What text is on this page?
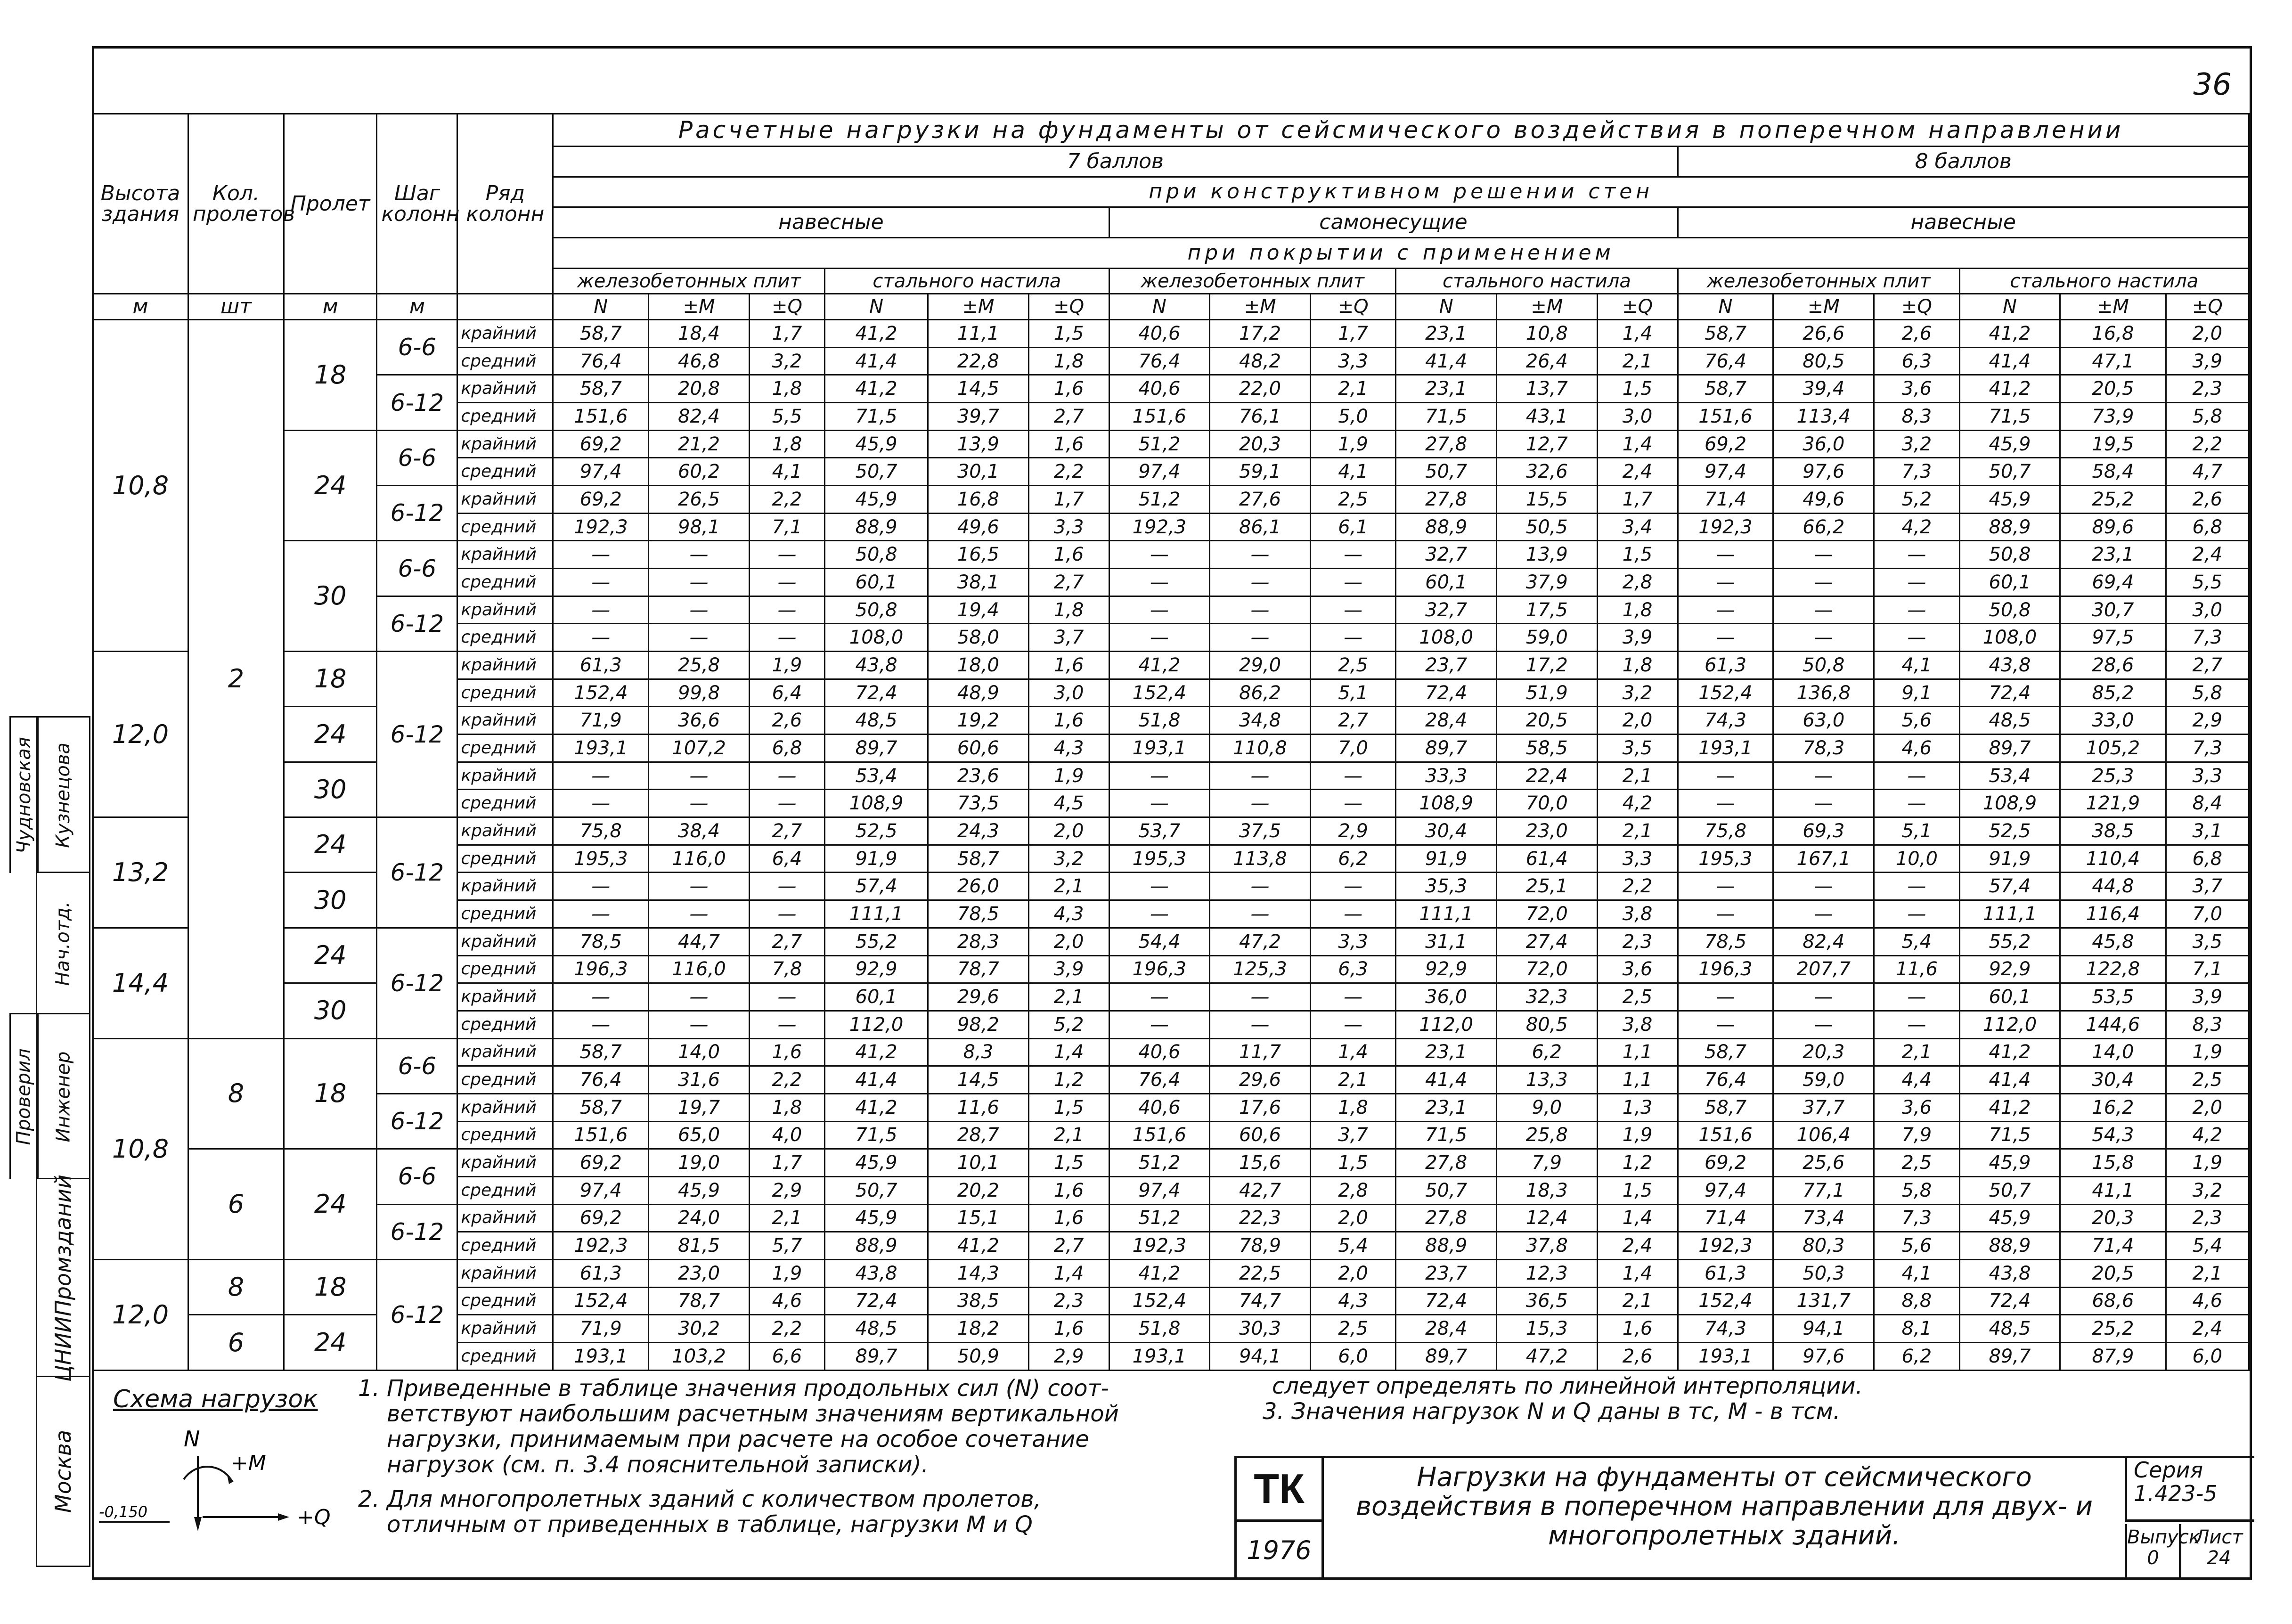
36
Кузнецова
Чудновская
Нач.отд.
Инженер
Проверил
ЦНИИПромзданий
Москва
Высота здания	Кол. пролетов	Пролет	Шаг колонн	Ряд колонн	Расчетные нагрузки на фундаменты от сейсмического воздействия в поперечном направлении																	
					7 баллов												8 баллов					
					при конструктивном решении стен																	
					навесные						самонесущие						навесные					
					при покрытии с применением																	
					железобетонных плит			стального настила			железобетонных плит			стального настила			железобетонных плит			стального настила		
м	шт	м	м		N	±M	±Q	N	±M	±Q	N	±M	±Q	N	±M	±Q	N	±M	±Q	N	±M	±Q
10,8	2	18	6-6	крайний	58,7	18,4	1,7	41,2	11,1	1,5	40,6	17,2	1,7	23,1	10,8	1,4	58,7	26,6	2,6	41,2	16,8	2,0
				средний	76,4	46,8	3,2	41,4	22,8	1,8	76,4	48,2	3,3	41,4	26,4	2,1	76,4	80,5	6,3	41,4	47,1	3,9
			6-12	крайний	58,7	20,8	1,8	41,2	14,5	1,6	40,6	22,0	2,1	23,1	13,7	1,5	58,7	39,4	3,6	41,2	20,5	2,3
				средний	151,6	82,4	5,5	71,5	39,7	2,7	151,6	76,1	5,0	71,5	43,1	3,0	151,6	113,4	8,3	71,5	73,9	5,8
		24	6-6	крайний	69,2	21,2	1,8	45,9	13,9	1,6	51,2	20,3	1,9	27,8	12,7	1,4	69,2	36,0	3,2	45,9	19,5	2,2
				средний	97,4	60,2	4,1	50,7	30,1	2,2	97,4	59,1	4,1	50,7	32,6	2,4	97,4	97,6	7,3	50,7	58,4	4,7
			6-12	крайний	69,2	26,5	2,2	45,9	16,8	1,7	51,2	27,6	2,5	27,8	15,5	1,7	71,4	49,6	5,2	45,9	25,2	2,6
				средний	192,3	98,1	7,1	88,9	49,6	3,3	192,3	86,1	6,1	88,9	50,5	3,4	192,3	66,2	4,2	88,9	89,6	6,8
		30	6-6	крайний	—	—	—	50,8	16,5	1,6	—	—	—	32,7	13,9	1,5	—	—	—	50,8	23,1	2,4
				средний	—	—	—	60,1	38,1	2,7	—	—	—	60,1	37,9	2,8	—	—	—	60,1	69,4	5,5
			6-12	крайний	—	—	—	50,8	19,4	1,8	—	—	—	32,7	17,5	1,8	—	—	—	50,8	30,7	3,0
				средний	—	—	—	108,0	58,0	3,7	—	—	—	108,0	59,0	3,9	—	—	—	108,0	97,5	7,3
12,0		18	6-12	крайний	61,3	25,8	1,9	43,8	18,0	1,6	41,2	29,0	2,5	23,7	17,2	1,8	61,3	50,8	4,1	43,8	28,6	2,7
				средний	152,4	99,8	6,4	72,4	48,9	3,0	152,4	86,2	5,1	72,4	51,9	3,2	152,4	136,8	9,1	72,4	85,2	5,8
		24		крайний	71,9	36,6	2,6	48,5	19,2	1,6	51,8	34,8	2,7	28,4	20,5	2,0	74,3	63,0	5,6	48,5	33,0	2,9
				средний	193,1	107,2	6,8	89,7	60,6	4,3	193,1	110,8	7,0	89,7	58,5	3,5	193,1	78,3	4,6	89,7	105,2	7,3
		30		крайний	—	—	—	53,4	23,6	1,9	—	—	—	33,3	22,4	2,1	—	—	—	53,4	25,3	3,3
				средний	—	—	—	108,9	73,5	4,5	—	—	—	108,9	70,0	4,2	—	—	—	108,9	121,9	8,4
13,2		24	6-12	крайний	75,8	38,4	2,7	52,5	24,3	2,0	53,7	37,5	2,9	30,4	23,0	2,1	75,8	69,3	5,1	52,5	38,5	3,1
				средний	195,3	116,0	6,4	91,9	58,7	3,2	195,3	113,8	6,2	91,9	61,4	3,3	195,3	167,1	10,0	91,9	110,4	6,8
		30		крайний	—	—	—	57,4	26,0	2,1	—	—	—	35,3	25,1	2,2	—	—	—	57,4	44,8	3,7
				средний	—	—	—	111,1	78,5	4,3	—	—	—	111,1	72,0	3,8	—	—	—	111,1	116,4	7,0
14,4		24	6-12	крайний	78,5	44,7	2,7	55,2	28,3	2,0	54,4	47,2	3,3	31,1	27,4	2,3	78,5	82,4	5,4	55,2	45,8	3,5
				средний	196,3	116,0	7,8	92,9	78,7	3,9	196,3	125,3	6,3	92,9	72,0	3,6	196,3	207,7	11,6	92,9	122,8	7,1
		30		крайний	—	—	—	60,1	29,6	2,1	—	—	—	36,0	32,3	2,5	—	—	—	60,1	53,5	3,9
				средний	—	—	—	112,0	98,2	5,2	—	—	—	112,0	80,5	3,8	—	—	—	112,0	144,6	8,3
10,8	8	18	6-6	крайний	58,7	14,0	1,6	41,2	8,3	1,4	40,6	11,7	1,4	23,1	6,2	1,1	58,7	20,3	2,1	41,2	14,0	1,9
				средний	76,4	31,6	2,2	41,4	14,5	1,2	76,4	29,6	2,1	41,4	13,3	1,1	76,4	59,0	4,4	41,4	30,4	2,5
			6-12	крайний	58,7	19,7	1,8	41,2	11,6	1,5	40,6	17,6	1,8	23,1	9,0	1,3	58,7	37,7	3,6	41,2	16,2	2,0
				средний	151,6	65,0	4,0	71,5	28,7	2,1	151,6	60,6	3,7	71,5	25,8	1,9	151,6	106,4	7,9	71,5	54,3	4,2
	6	24	6-6	крайний	69,2	19,0	1,7	45,9	10,1	1,5	51,2	15,6	1,5	27,8	7,9	1,2	69,2	25,6	2,5	45,9	15,8	1,9
				средний	97,4	45,9	2,9	50,7	20,2	1,6	97,4	42,7	2,8	50,7	18,3	1,5	97,4	77,1	5,8	50,7	41,1	3,2
			6-12	крайний	69,2	24,0	2,1	45,9	15,1	1,6	51,2	22,3	2,0	27,8	12,4	1,4	71,4	73,4	7,3	45,9	20,3	2,3
				средний	192,3	81,5	5,7	88,9	41,2	2,7	192,3	78,9	5,4	88,9	37,8	2,4	192,3	80,3	5,6	88,9	71,4	5,4
12,0	8	18	6-12	крайний	61,3	23,0	1,9	43,8	14,3	1,4	41,2	22,5	2,0	23,7	12,3	1,4	61,3	50,3	4,1	43,8	20,5	2,1
				средний	152,4	78,7	4,6	72,4	38,5	2,3	152,4	74,7	4,3	72,4	36,5	2,1	152,4	131,7	8,8	72,4	68,6	4,6
	6	24		крайний	71,9	30,2	2,2	48,5	18,2	1,6	51,8	30,3	2,5	28,4	15,3	1,6	74,3	94,1	8,1	48,5	25,2	2,4
				средний	193,1	103,2	6,6	89,7	50,9	2,9	193,1	94,1	6,0	89,7	47,2	2,6	193,1	97,6	6,2	89,7	87,9	6,0
Схема нагрузок
N
+M
+Q
-0,150
1. Приведенные в таблице значения продольных сил (N) соот-
ветствуют наибольшим расчетным значениям вертикальной
нагрузки, принимаемым при расчете на особое сочетание
нагрузок (см. п. 3.4 пояснительной записки).
2. Для многопролетных зданий с количеством пролетов,
отличным от приведенных в таблице, нагрузки M и Q
следует определять по линейной интерполяции.
3. Значения нагрузок N и Q даны в тс, M - в тсм.
ТК
1976
Нагрузки на фундаменты от сейсмического воздействия в поперечном направлении для двух- и многопролетных зданий.
Серия
1.423-5
Выпуск
0
Лист
24
